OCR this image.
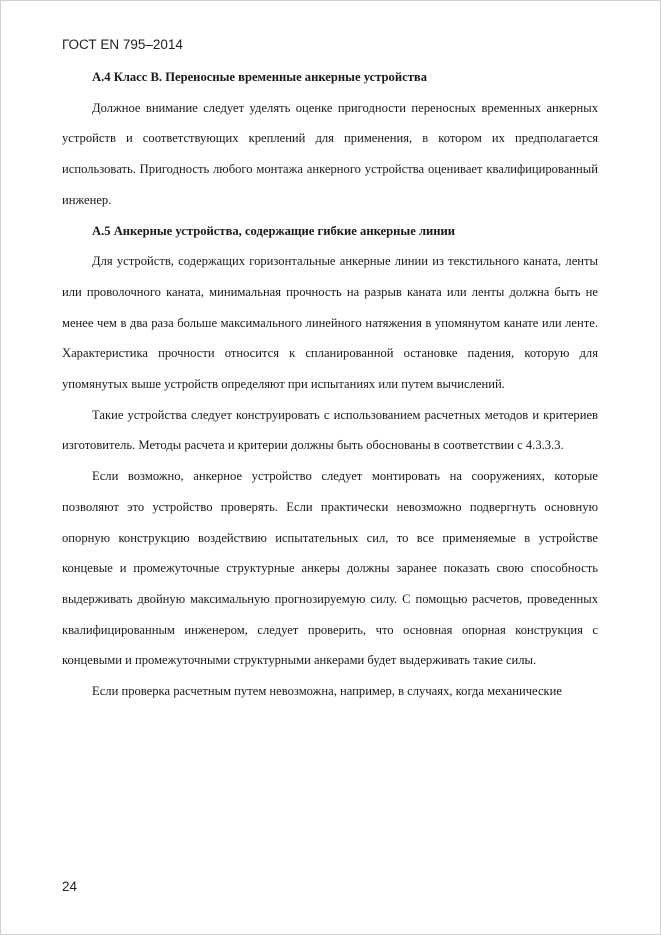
ГОСТ EN 795–2014

А.4 Класс В. Переносные временные анкерные устройства

Должное внимание следует уделять оценке пригодности переносных временных анкерных устройств и соответствующих креплений для применения, в котором их предполагается использовать. Пригодность любого монтажа анкерного устройства оценивает квалифицированный инженер.

А.5 Анкерные устройства, содержащие гибкие анкерные линии

Для устройств, содержащих горизонтальные анкерные линии из текстильного каната, ленты или проволочного каната, минимальная прочность на разрыв каната или ленты должна быть не менее чем в два раза больше максимального линейного натяжения в упомянутом канате или ленте. Характеристика прочности относится к спланированной остановке падения, которую для упомянутых выше устройств определяют при испытаниях или путем вычислений.

Такие устройства следует конструировать с использованием расчетных методов и критериев изготовитель. Методы расчета и критерии должны быть обоснованы в соответствии с 4.3.3.3.

Если возможно, анкерное устройство следует монтировать на сооружениях, которые позволяют это устройство проверять. Если практически невозможно подвергнуть основную опорную конструкцию воздействию испытательных сил, то все применяемые в устройстве концевые и промежуточные структурные анкеры должны заранее показать свою способность выдерживать двойную максимальную прогнозируемую силу. С помощью расчетов, проведенных квалифицированным инженером, следует проверить, что основная опорная конструкция с концевыми и промежуточными структурными анкерами будет выдерживать такие силы.

Если проверка расчетным путем невозможна, например, в случаях, когда механические

24
